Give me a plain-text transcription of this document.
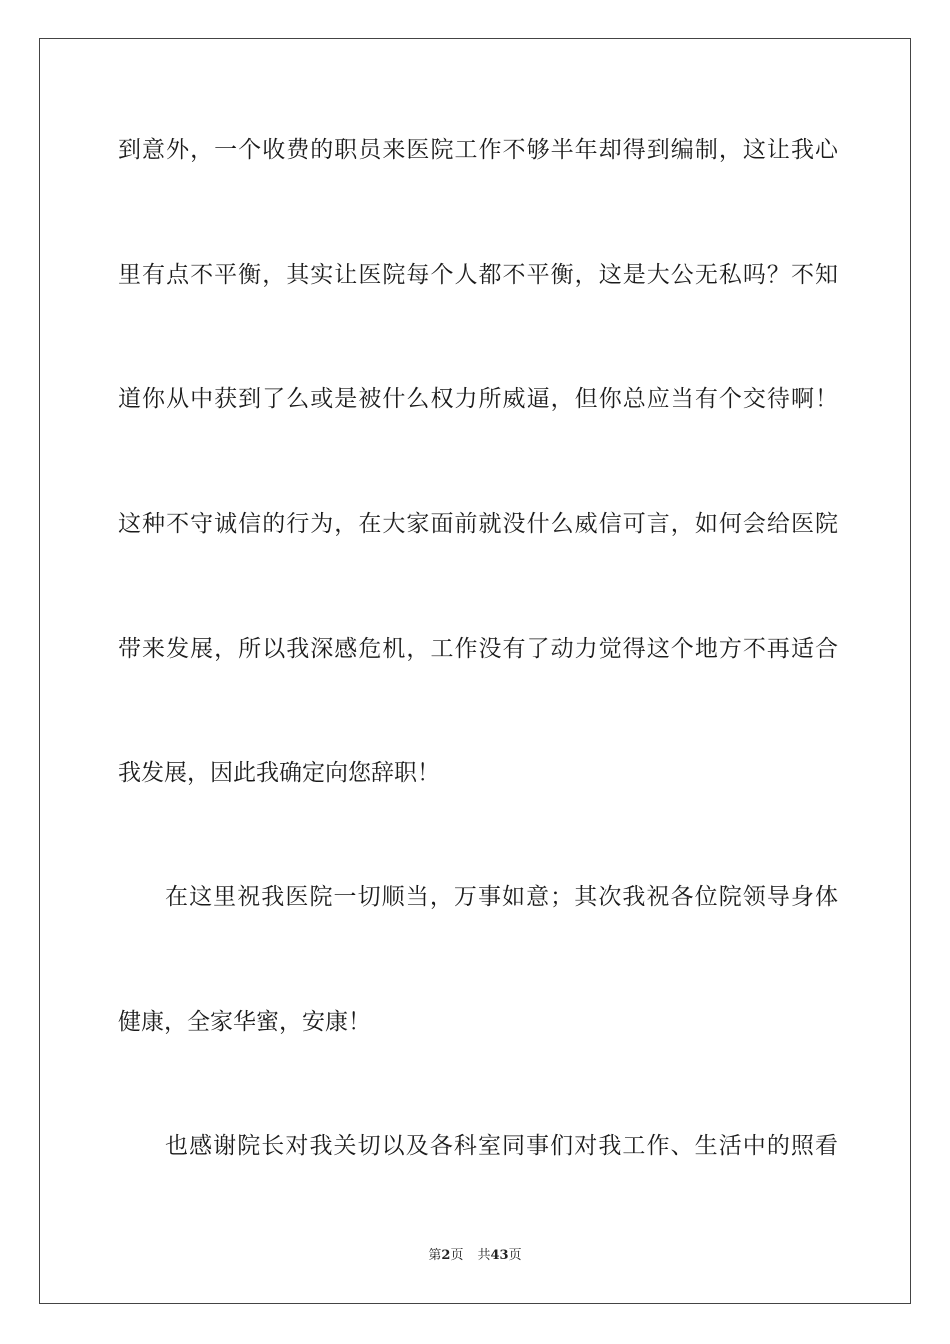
到意外，一个收费的职员来医院工作不够半年却得到编制，这让我心
里有点不平衡，其实让医院每个人都不平衡，这是大公无私吗？不知
道你从中获到了么或是被什么权力所威逼，但你总应当有个交待啊！
这种不守诚信的行为，在大家面前就没什么威信可言，如何会给医院
带来发展，所以我深感危机，工作没有了动力觉得这个地方不再适合
我发展，因此我确定向您辞职！
在这里祝我医院一切顺当，万事如意；其次我祝各位院领导身体
健康，全家华蜜，安康！
也感谢院长对我关切以及各科室同事们对我工作、生活中的照看
第2页 共43页
